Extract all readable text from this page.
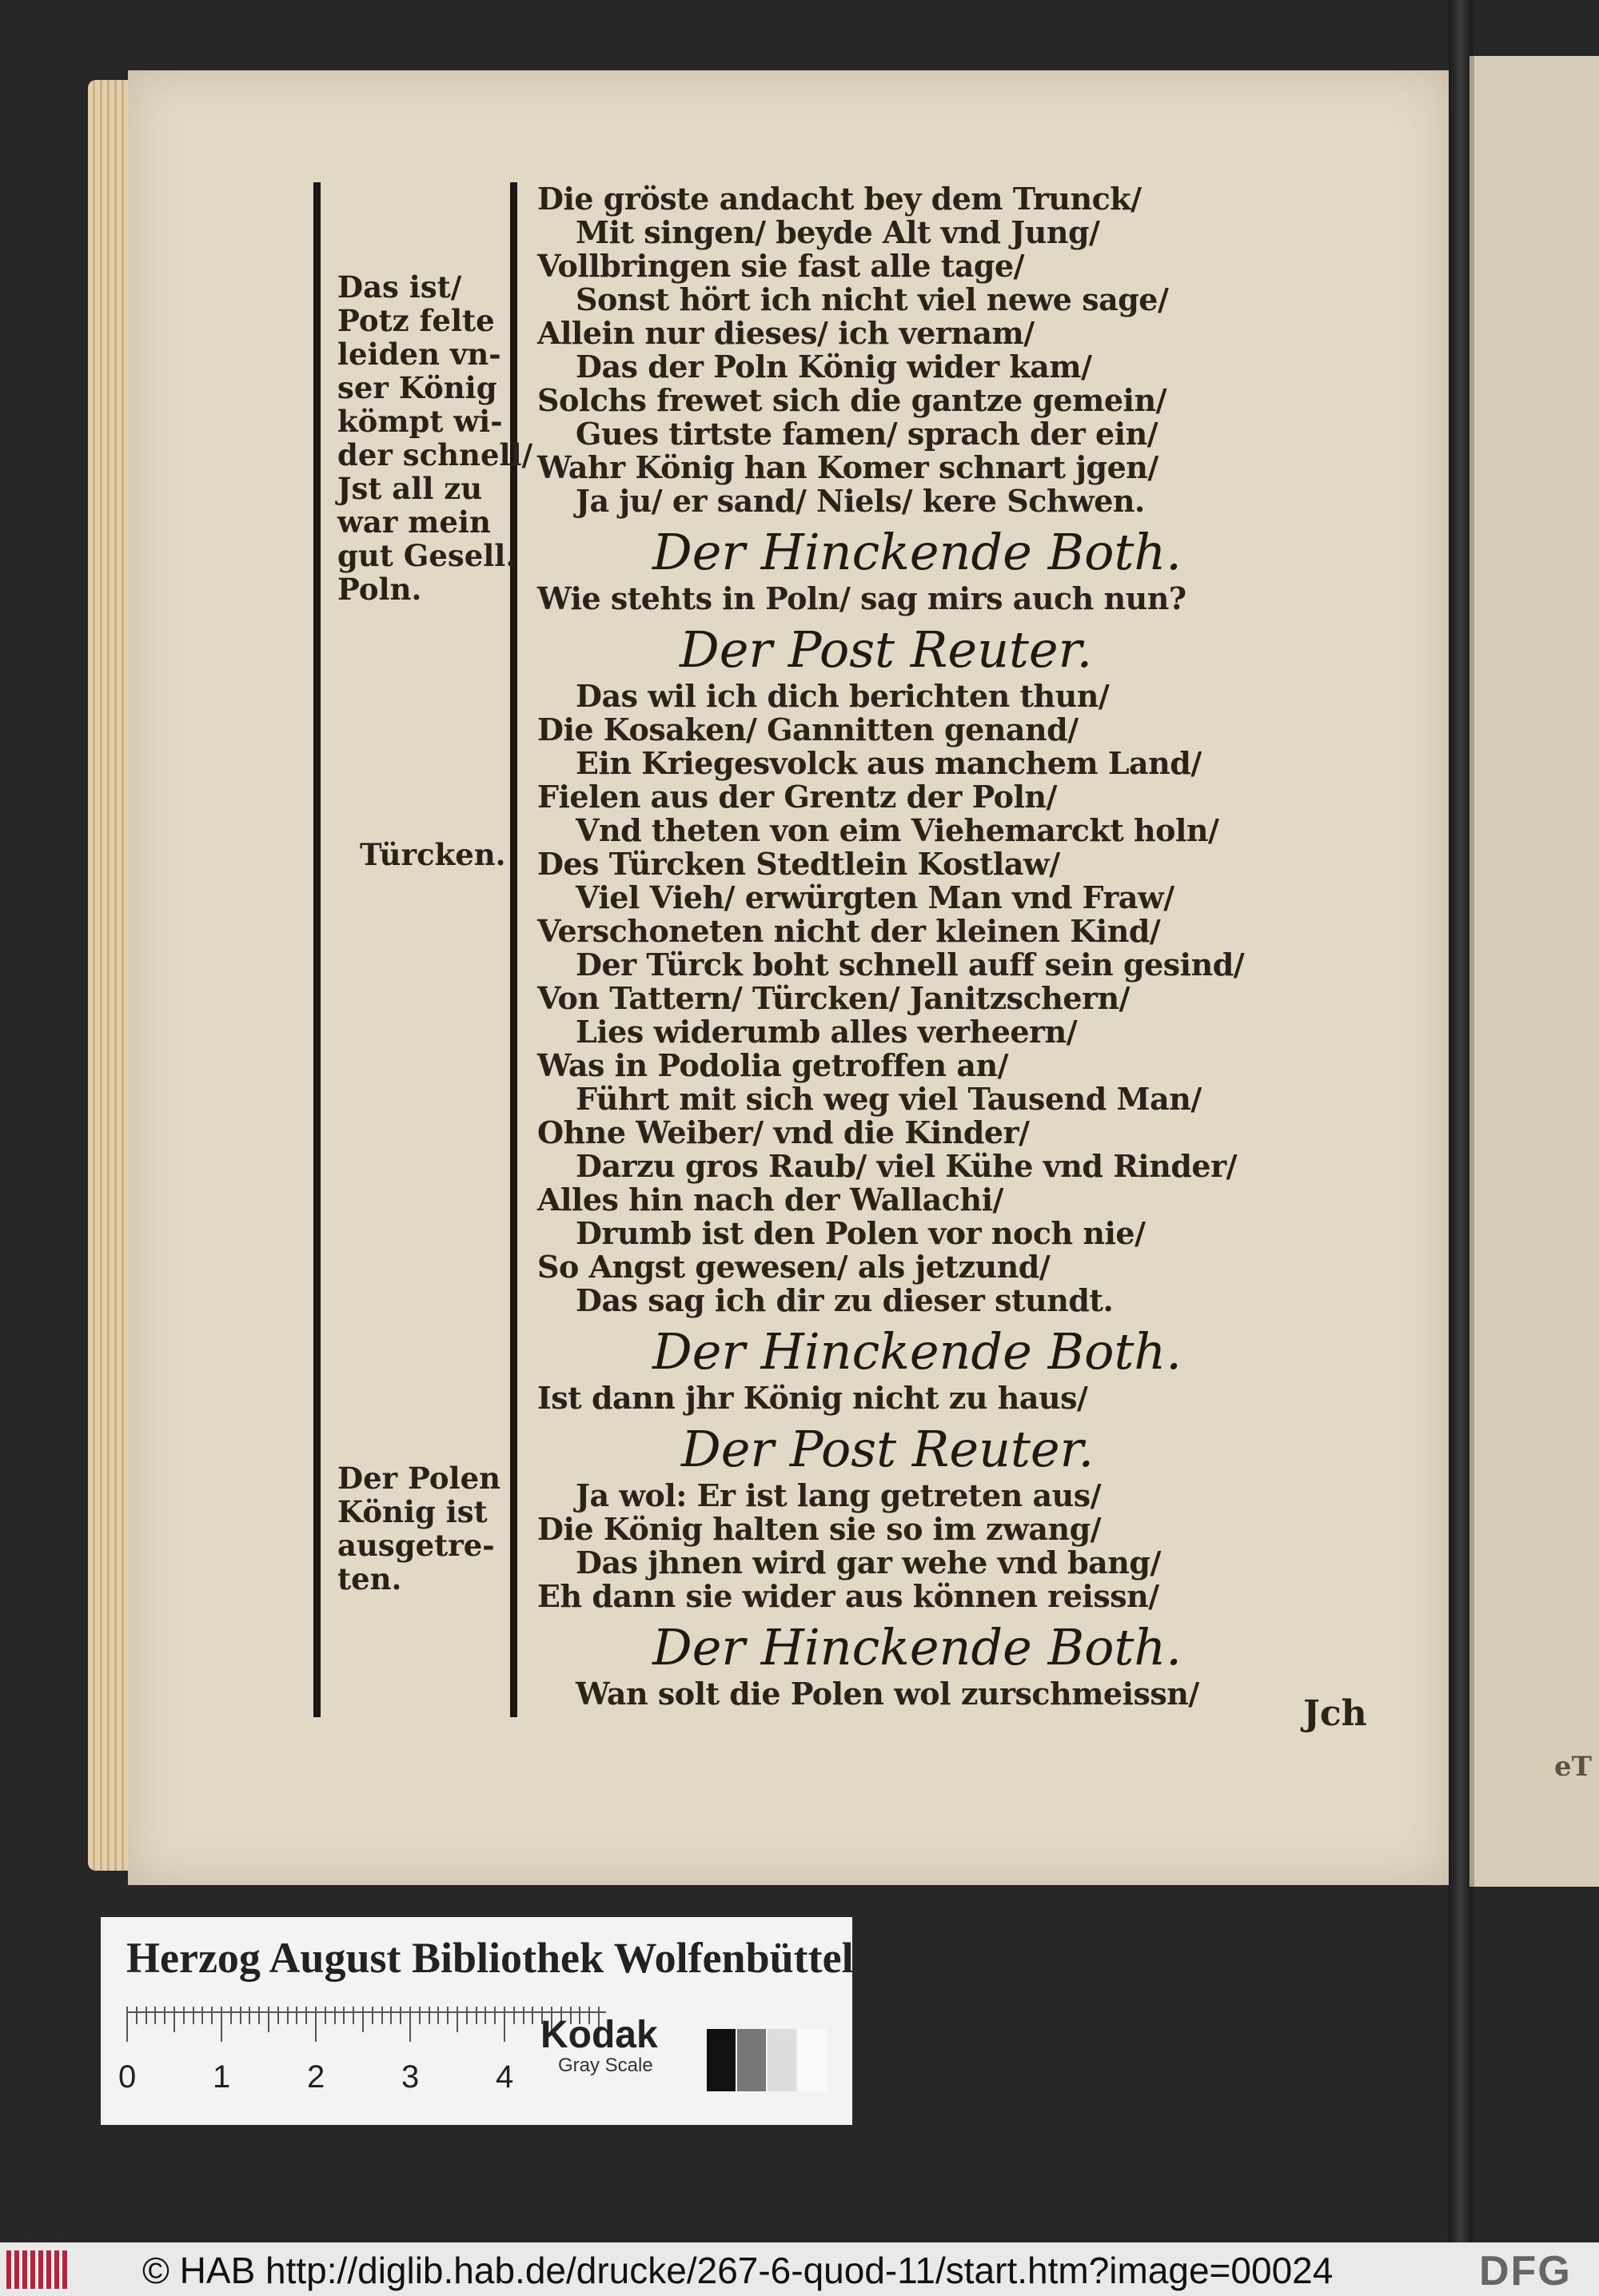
eT
Das ist/
Potz felte
leiden vn-
ser König
kömpt wi-
der schnell/
Jst all zu
war mein
gut Gesell.
Poln.
Türcken.
Der Polen
König ist
ausgetre-
ten.
Die gröste andacht bey dem Trunck/
Mit singen/ beyde Alt vnd Jung/
Vollbringen sie fast alle tage/
Sonst hört ich nicht viel newe sage/
Allein nur dieses/ ich vernam/
Das der Poln König wider kam/
Solchs frewet sich die gantze gemein/
Gues tirtste famen/ sprach der ein/
Wahr König han Komer schnart jgen/
Ja ju/ er sand/ Niels/ kere Schwen.
Der Hinckende Both.
Wie stehts in Poln/ sag mirs auch nun?
Der Post Reuter.
Das wil ich dich berichten thun/
Die Kosaken/ Gannitten genand/
Ein Kriegesvolck aus manchem Land/
Fielen aus der Grentz der Poln/
Vnd theten von eim Viehemarckt holn/
Des Türcken Stedtlein Kostlaw/
Viel Vieh/ erwürgten Man vnd Fraw/
Verschoneten nicht der kleinen Kind/
Der Türck boht schnell auff sein gesind/
Von Tattern/ Türcken/ Janitzschern/
Lies widerumb alles verheern/
Was in Podolia getroffen an/
Führt mit sich weg viel Tausend Man/
Ohne Weiber/ vnd die Kinder/
Darzu gros Raub/ viel Kühe vnd Rinder/
Alles hin nach der Wallachi/
Drumb ist den Polen vor noch nie/
So Angst gewesen/ als jetzund/
Das sag ich dir zu dieser stundt.
Der Hinckende Both.
Ist dann jhr König nicht zu haus/
Der Post Reuter.
Ja wol: Er ist lang getreten aus/
Die König halten sie so im zwang/
Das jhnen wird gar wehe vnd bang/
Eh dann sie wider aus können reissn/
Der Hinckende Both.
Wan solt die Polen wol zurschmeissn/	Jch
Herzog August Bibliothek Wolfenbüttel
0 1 2 3 4
Kodak
Gray Scale
© HAB http://diglib.hab.de/drucke/267-6-quod-11/start.htm?image=00024	DFG
